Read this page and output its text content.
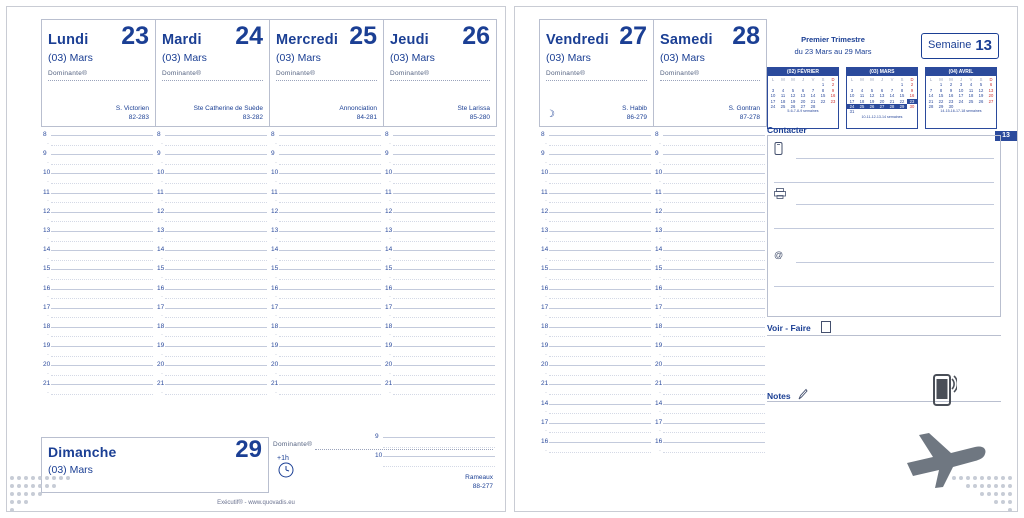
Lundi 23
(03) Mars
Dominante®
S. Victorien
82-283
Mardi 24
(03) Mars
Dominante®
Ste Catherine de Suède
83-282
Mercredi 25
(03) Mars
Dominante®
Annonciation
84-281
Jeudi 26
(03) Mars
Dominante®
Ste Larissa
85-280
8
·
9
·
10
·
11
·
12
·
13
·
14
·
15
·
16
·
17
·
18
·
19
·
20
·
21
·
8
·
9
·
10
·
11
·
12
·
13
·
14
·
15
·
16
·
17
·
18
·
19
·
20
·
21
·
8
·
9
·
10
·
11
·
12
·
13
·
14
·
15
·
16
·
17
·
18
·
19
·
20
·
21
·
8
·
9
·
10
·
11
·
12
·
13
·
14
·
15
·
16
·
17
·
18
·
19
·
20
·
21
·
Dimanche	29
(03) Mars
Dominante®
+1h
9
10
Rameaux
88-277
Exécutif® - www.quovadis.eu
Vendredi 27
(03) Mars
Dominante®
☽
S. Habib
86-279
Samedi 28
(03) Mars
Dominante®
S. Gontran
87-278
8
·
9
·
10
·
11
·
12
·
13
·
14
·
15
·
16
·
17
·
18
·
19
·
20
·
21
·
14
·
17
·
16
·
8
·
9
·
10
·
11
·
12
·
13
·
14
·
15
·
16
·
17
·
18
·
19
·
20
·
21
·
14
·
17
·
16
·
Premier Trimestre
du 23 Mars au 29 Mars
Semaine 13
(02) FÉVRIER
L	M	M	J	V	S	D
					1	2
3	4	5	6	7	8	9
10	11	12	13	14	15	16
17	18	19	20	21	22	23
24	25	26	27	28		
5-6-7-8-9 semaines
(03) MARS
L	M	M	J	V	S	D
					1	2
3	4	5	6	7	8	9
10	11	12	13	14	15	16
17	18	19	20	21	22	23
24	25	26	27	28	29	30
31						
10-11-12-13-14 semaines
(04) AVRIL
L	M	M	J	V	S	D
	1	2	3	4	5	6
7	8	9	10	11	12	13
14	15	16	17	18	19	20
21	22	23	24	25	26	27
28	29	30				
14-15-16-17-18 semaines
13
Contacter
@
Voir - Faire
Notes
